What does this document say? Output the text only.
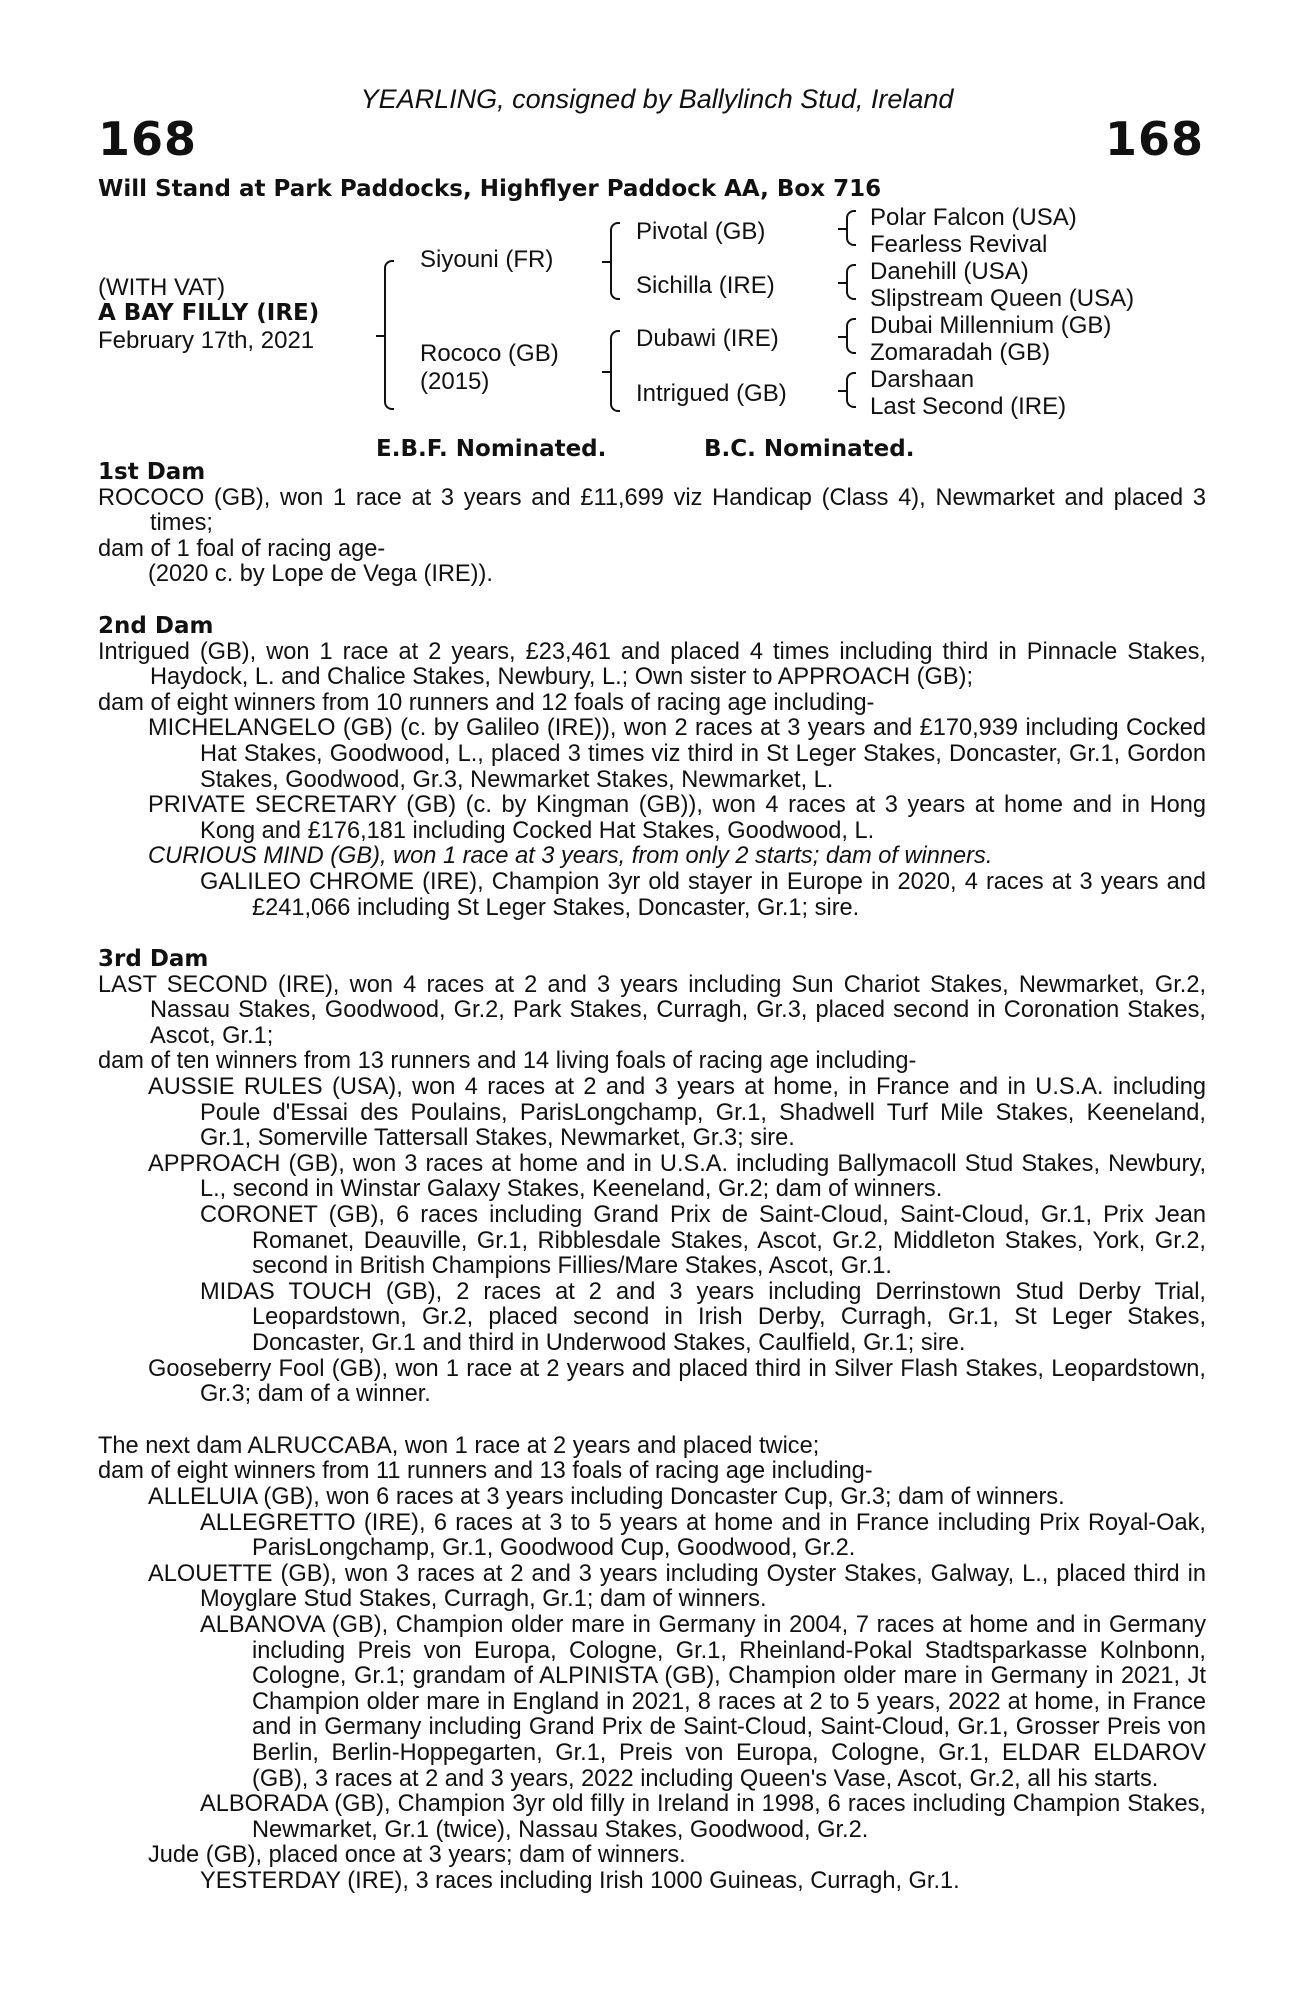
YEARLING, consigned by Ballylinch Stud, Ireland
168	168
Will Stand at Park Paddocks, Highflyer Paddock AA, Box 716
(WITH VAT)
A BAY FILLY (IRE)
February 17th, 2021
Siyouni (FR)
Rococo (GB)
(2015)
Pivotal (GB)
Sichilla (IRE)
Dubawi (IRE)
Intrigued (GB)
Polar Falcon (USA)
Fearless Revival
Danehill (USA)
Slipstream Queen (USA)
Dubai Millennium (GB)
Zomaradah (GB)
Darshaan
Last Second (IRE)
E.B.F. Nominated.	B.C. Nominated.

1st Dam

ROCOCO (GB), won 1 race at 3 years and £11,699 viz Handicap (Class 4), Newmarket and placed 3 times;

dam of 1 foal of racing age-

(2020 c. by Lope de Vega (IRE)).

2nd Dam

Intrigued (GB), won 1 race at 2 years, £23,461 and placed 4 times including third in Pinnacle Stakes, Haydock, L. and Chalice Stakes, Newbury, L.; Own sister to APPROACH (GB);

dam of eight winners from 10 runners and 12 foals of racing age including-

MICHELANGELO (GB) (c. by Galileo (IRE)), won 2 races at 3 years and £170,939 including Cocked Hat Stakes, Goodwood, L., placed 3 times viz third in St Leger Stakes, Doncaster, Gr.1, Gordon Stakes, Goodwood, Gr.3, Newmarket Stakes, Newmarket, L.

PRIVATE SECRETARY (GB) (c. by Kingman (GB)), won 4 races at 3 years at home and in Hong Kong and £176,181 including Cocked Hat Stakes, Goodwood, L.

CURIOUS MIND (GB), won 1 race at 3 years, from only 2 starts; dam of winners.

GALILEO CHROME (IRE), Champion 3yr old stayer in Europe in 2020, 4 races at 3 years and £241,066 including St Leger Stakes, Doncaster, Gr.1; sire.

3rd Dam

LAST SECOND (IRE), won 4 races at 2 and 3 years including Sun Chariot Stakes, Newmarket, Gr.2, Nassau Stakes, Goodwood, Gr.2, Park Stakes, Curragh, Gr.3, placed second in Coronation Stakes, Ascot, Gr.1;

dam of ten winners from 13 runners and 14 living foals of racing age including-

AUSSIE RULES (USA), won 4 races at 2 and 3 years at home, in France and in U.S.A. including Poule d'Essai des Poulains, ParisLongchamp, Gr.1, Shadwell Turf Mile Stakes, Keeneland, Gr.1, Somerville Tattersall Stakes, Newmarket, Gr.3; sire.

APPROACH (GB), won 3 races at home and in U.S.A. including Ballymacoll Stud Stakes, Newbury, L., second in Winstar Galaxy Stakes, Keeneland, Gr.2; dam of winners.

CORONET (GB), 6 races including Grand Prix de Saint-Cloud, Saint-Cloud, Gr.1, Prix Jean Romanet, Deauville, Gr.1, Ribblesdale Stakes, Ascot, Gr.2, Middleton Stakes, York, Gr.2, second in British Champions Fillies/Mare Stakes, Ascot, Gr.1.

MIDAS TOUCH (GB), 2 races at 2 and 3 years including Derrinstown Stud Derby Trial, Leopardstown, Gr.2, placed second in Irish Derby, Curragh, Gr.1, St Leger Stakes, Doncaster, Gr.1 and third in Underwood Stakes, Caulfield, Gr.1; sire.

Gooseberry Fool (GB), won 1 race at 2 years and placed third in Silver Flash Stakes, Leopardstown, Gr.3; dam of a winner.

The next dam ALRUCCABA, won 1 race at 2 years and placed twice;

dam of eight winners from 11 runners and 13 foals of racing age including-

ALLELUIA (GB), won 6 races at 3 years including Doncaster Cup, Gr.3; dam of winners.

ALLEGRETTO (IRE), 6 races at 3 to 5 years at home and in France including Prix Royal-Oak, ParisLongchamp, Gr.1, Goodwood Cup, Goodwood, Gr.2.

ALOUETTE (GB), won 3 races at 2 and 3 years including Oyster Stakes, Galway, L., placed third in Moyglare Stud Stakes, Curragh, Gr.1; dam of winners.

ALBANOVA (GB), Champion older mare in Germany in 2004, 7 races at home and in Germany including Preis von Europa, Cologne, Gr.1, Rheinland-Pokal Stadtsparkasse Kolnbonn, Cologne, Gr.1; grandam of ALPINISTA (GB), Champion older mare in Germany in 2021, Jt Champion older mare in England in 2021, 8 races at 2 to 5 years, 2022 at home, in France and in Germany including Grand Prix de Saint-Cloud, Saint-Cloud, Gr.1, Grosser Preis von Berlin, Berlin-Hoppegarten, Gr.1, Preis von Europa, Cologne, Gr.1, ELDAR ELDAROV (GB), 3 races at 2 and 3 years, 2022 including Queen's Vase, Ascot, Gr.2, all his starts.

ALBORADA (GB), Champion 3yr old filly in Ireland in 1998, 6 races including Champion Stakes, Newmarket, Gr.1 (twice), Nassau Stakes, Goodwood, Gr.2.

Jude (GB), placed once at 3 years; dam of winners.

YESTERDAY (IRE), 3 races including Irish 1000 Guineas, Curragh, Gr.1.
